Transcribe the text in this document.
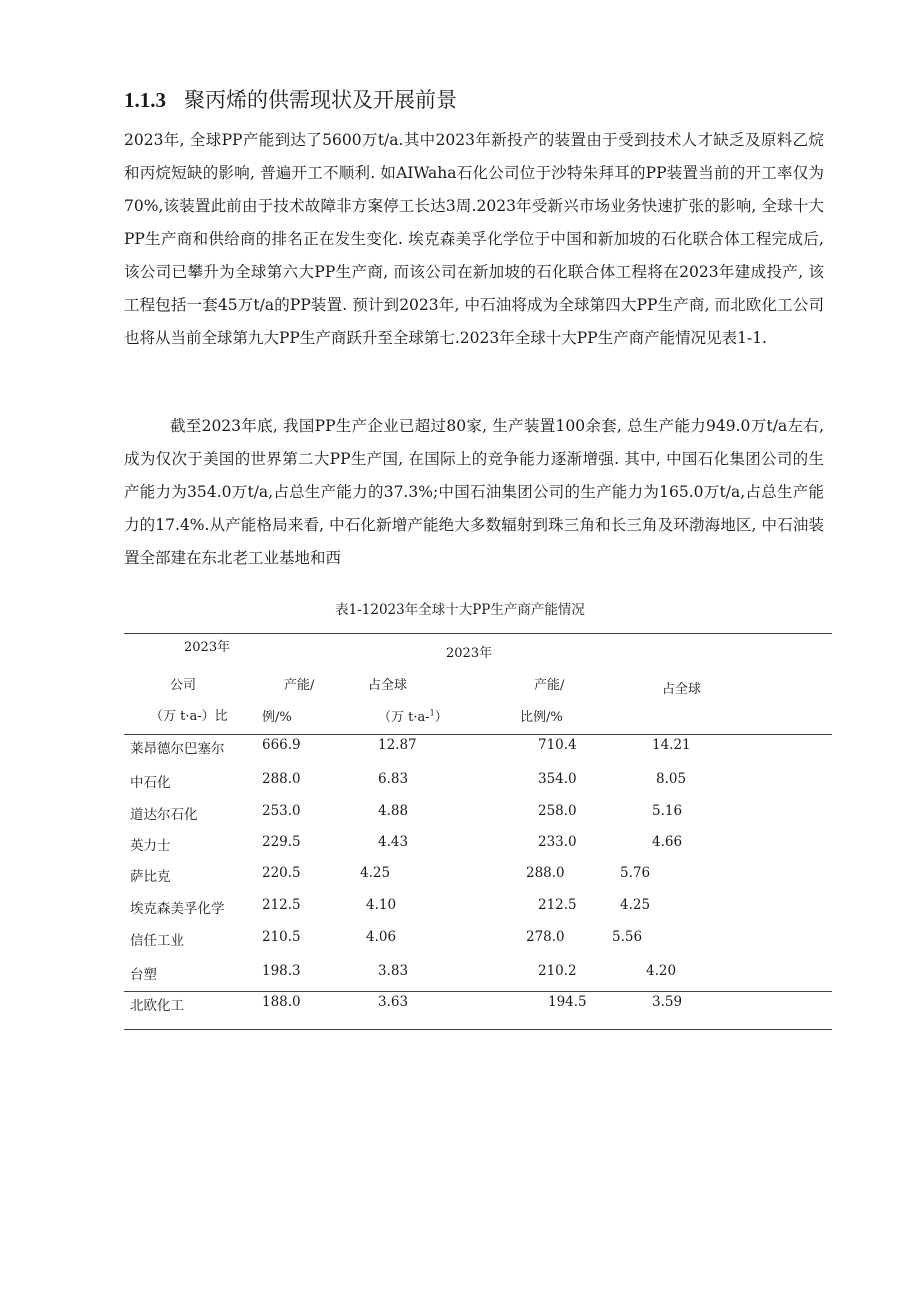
1.1.3 聚丙烯的供需现状及开展前景

2023年, 全球PP产能到达了5600万t/a.其中2023年新投产的装置由于受到技术人才缺乏及原料乙烷和丙烷短缺的影响, 普遍开工不顺利. 如AIWaha石化公司位于沙特朱拜耳的PP装置当前的开工率仅为70%,该装置此前由于技术故障非方案停工长达3周.2023年受新兴市场业务快速扩张的影响, 全球十大PP生产商和供给商的排名正在发生变化. 埃克森美孚化学位于中国和新加坡的石化联合体工程完成后, 该公司已攀升为全球第六大PP生产商, 而该公司在新加坡的石化联合体工程将在2023年建成投产, 该工程包括一套45万t/a的PP装置. 预计到2023年, 中石油将成为全球第四大PP生产商, 而北欧化工公司也将从当前全球第九大PP生产商跃升至全球第七.2023年全球十大PP生产商产能情况见表1-1.

截至2023年底, 我国PP生产企业已超过80家, 生产装置100余套, 总生产能力949.0万t/a左右, 成为仅次于美国的世界第二大PP生产国, 在国际上的竞争能力逐渐增强. 其中, 中国石化集团公司的生产能力为354.0万t/a,占总生产能力的37.3%;中国石油集团公司的生产能力为165.0万t/a,占总生产能力的17.4%.从产能格局来看, 中石化新增产能绝大多数辐射到珠三角和长三角及环渤海地区, 中石油装置全部建在东北老工业基地和西

表1-12023年全球十大PP生产商产能情况
2023年	2023年
公司	产能/	占全球	产能/	占全球
（万 t·a-）比	例/%	（万 t·a-$^1$）	比例/%
莱昂德尔巴塞尔	666.9	12.87	710.4	14.21
中石化	288.0	6.83	354.0	8.05
道达尔石化	253.0	4.88	258.0	5.16
英力士	229.5	4.43	233.0	4.66
萨比克	220.5	4.25	288.0	5.76
埃克森美孚化学	212.5	4.10	212.5	4.25
信任工业	210.5	4.06	278.0	5.56
台塑	198.3	3.83	210.2	4.20
北欧化工	188.0	3.63	194.5	3.59
